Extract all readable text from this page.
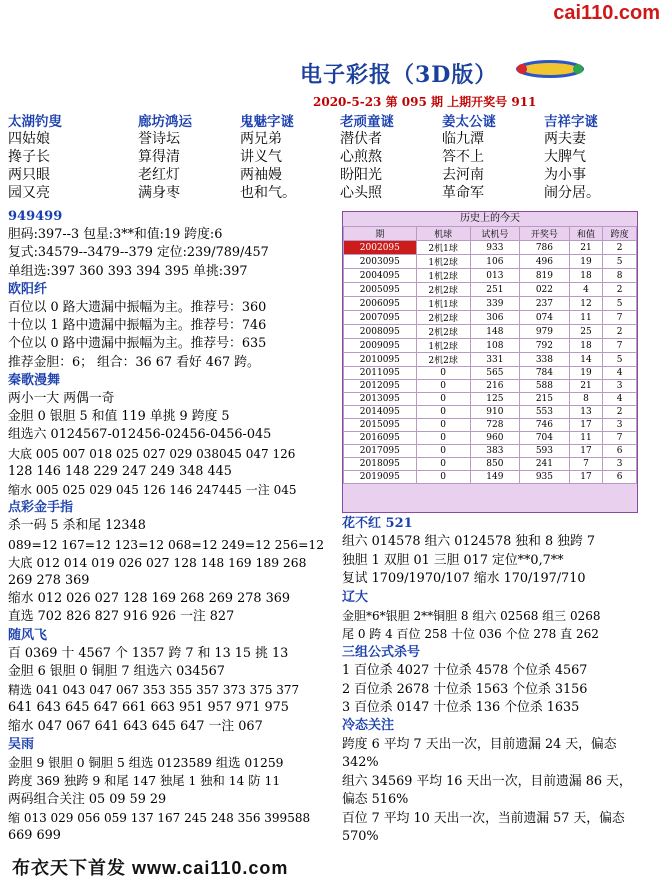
cai110.com
电子彩报（3D版）
2020-5-23 第 095 期 上期开奖号 911
太湖钓叟	廊坊鸿运	鬼魅字谜	老顽童谜	姜太公谜	吉祥字谜
四姑娘	誉诗坛	两兄弟	潜伏者	临九潭	两夫妻
搀子长	算得清	讲义气	心煎熬	答不上	大脾气
两只眼	老红灯	两袖嫚	盼阳光	去河南	为小事
园又亮	满身枣	也和气。	心头照	革命军	闹分居。
949499
胆码:397--3 包星:3**和值:19 跨度:6
复式:34579--3479--379 定位:239/789/457
单组选:397 360 393 394 395 单挑:397
欧阳纤
百位以 0 路大遗漏中振幅为主。推荐号：360
十位以 1 路中遗漏中振幅为主。推荐号：746
个位以 0 路中遗漏中振幅为主。推荐号：635
推荐金胆：6； 组合：36 67 看好 467 跨。
秦歌漫舞
两小一大 两偶一奇
金胆 0 银胆 5 和值 119 单挑 9 跨度 5
组选六 0124567-012456-02456-0456-045
大底 005 007 018 025 027 029 038045 047 126
128 146 148 229 247 249 348 445
缩水 005 025 029 045 126 146 247445 一注 045
点彩金手指
杀一码 5 杀和尾 12348
089=12 167=12 123=12 068=12 249=12 256=12
大底 012 014 019 026 027 128 148 169 189 268
269 278 369
缩水 012 026 027 128 169 268 269 278 369
直选 702 826 827 916 926 一注 827
随风飞
百 0369 十 4567 个 1357 跨 7 和 13 15 挑 13
金胆 6 银胆 0 铜胆 7 组选六 034567
精选 041 043 047 067 353 355 357 373 375 377
641 643 645 647 661 663 951 957 971 975
缩水 047 067 641 643 645 647 一注 067
吴雨
金胆 9 银胆 0 铜胆 5 组选 0123589 组选 01259
跨度 369 独跨 9 和尾 147 独尾 1 独和 14 防 11
两码组合关注 05 09 59 29
缩 013 029 056 059 137 167 245 248 356 399588
669 699
历史上的今天
期	机球	试机号	开奖号	和值	跨度
2002095	2机1球	933	786	21	2
2003095	1机2球	106	496	19	5
2004095	1机2球	013	819	18	8
2005095	2机2球	251	022	4	2
2006095	1机1球	339	237	12	5
2007095	2机2球	306	074	11	7
2008095	2机2球	148	979	25	2
2009095	1机2球	108	792	18	7
2010095	2机2球	331	338	14	5
2011095	0	565	784	19	4
2012095	0	216	588	21	3
2013095	0	125	215	8	4
2014095	0	910	553	13	2
2015095	0	728	746	17	3
2016095	0	960	704	11	7
2017095	0	383	593	17	6
2018095	0	850	241	7	3
2019095	0	149	935	17	6
花不红 521
组六 014578 组六 0124578 独和 8 独跨 7
独胆 1 双胆 01 三胆 017 定位**0,7**
复试 1709/1970/107 缩水 170/197/710
辽大
金胆*6*银胆 2**铜胆 8 组六 02568 组三 0268
尾 0 跨 4 百位 258 十位 036 个位 278 直 262
三组公式杀号
1 百位杀 4027 十位杀 4578 个位杀 4567
2 百位杀 2678 十位杀 1563 个位杀 3156
3 百位杀 0147 十位杀 136 个位杀 1635
冷态关注
跨度 6 平均 7 天出一次，目前遗漏 24 天，偏态
342%
组六 34569 平均 16 天出一次，目前遗漏 86 天，
偏态 516%
百位 7 平均 10 天出一次，当前遗漏 57 天，偏态
570%
布衣天下首发 www.cai110.com
